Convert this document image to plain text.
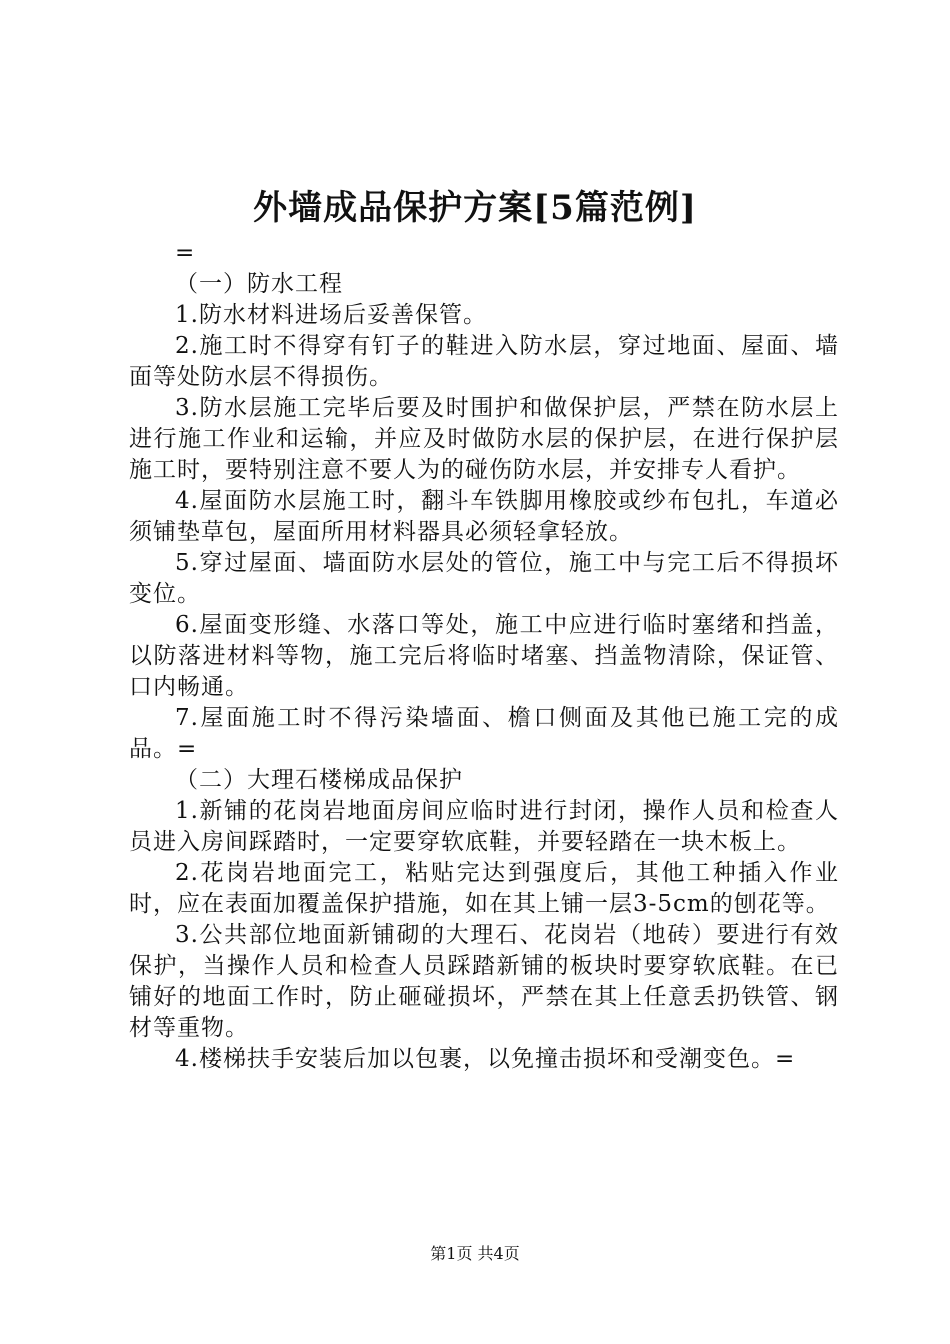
外墙成品保护方案[5篇范例]

=

（一）防水工程

1.防水材料进场后妥善保管。

2.施工时不得穿有钉子的鞋进入防水层，穿过地面、屋面、墙面等处防水层不得损伤。

3.防水层施工完毕后要及时围护和做保护层，严禁在防水层上进行施工作业和运输，并应及时做防水层的保护层，在进行保护层施工时，要特别注意不要人为的碰伤防水层，并安排专人看护。

4.屋面防水层施工时，翻斗车铁脚用橡胶或纱布包扎，车道必须铺垫草包，屋面所用材料器具必须轻拿轻放。

5.穿过屋面、墙面防水层处的管位，施工中与完工后不得损坏变位。

6.屋面变形缝、水落口等处，施工中应进行临时塞绪和挡盖，以防落进材料等物，施工完后将临时堵塞、挡盖物清除，保证管、口内畅通。

7.屋面施工时不得污染墙面、檐口侧面及其他已施工完的成品。=

（二）大理石楼梯成品保护

1.新铺的花岗岩地面房间应临时进行封闭，操作人员和检查人员进入房间踩踏时，一定要穿软底鞋，并要轻踏在一块木板上。

2.花岗岩地面完工，粘贴完达到强度后，其他工种插入作业时，应在表面加覆盖保护措施，如在其上铺一层3-5cm的刨花等。

3.公共部位地面新铺砌的大理石、花岗岩（地砖）要进行有效保护，当操作人员和检查人员踩踏新铺的板块时要穿软底鞋。在已铺好的地面工作时，防止砸碰损坏，严禁在其上任意丢扔铁管、钢材等重物。

4.楼梯扶手安装后加以包裹，以免撞击损坏和受潮变色。=

第1页 共4页
